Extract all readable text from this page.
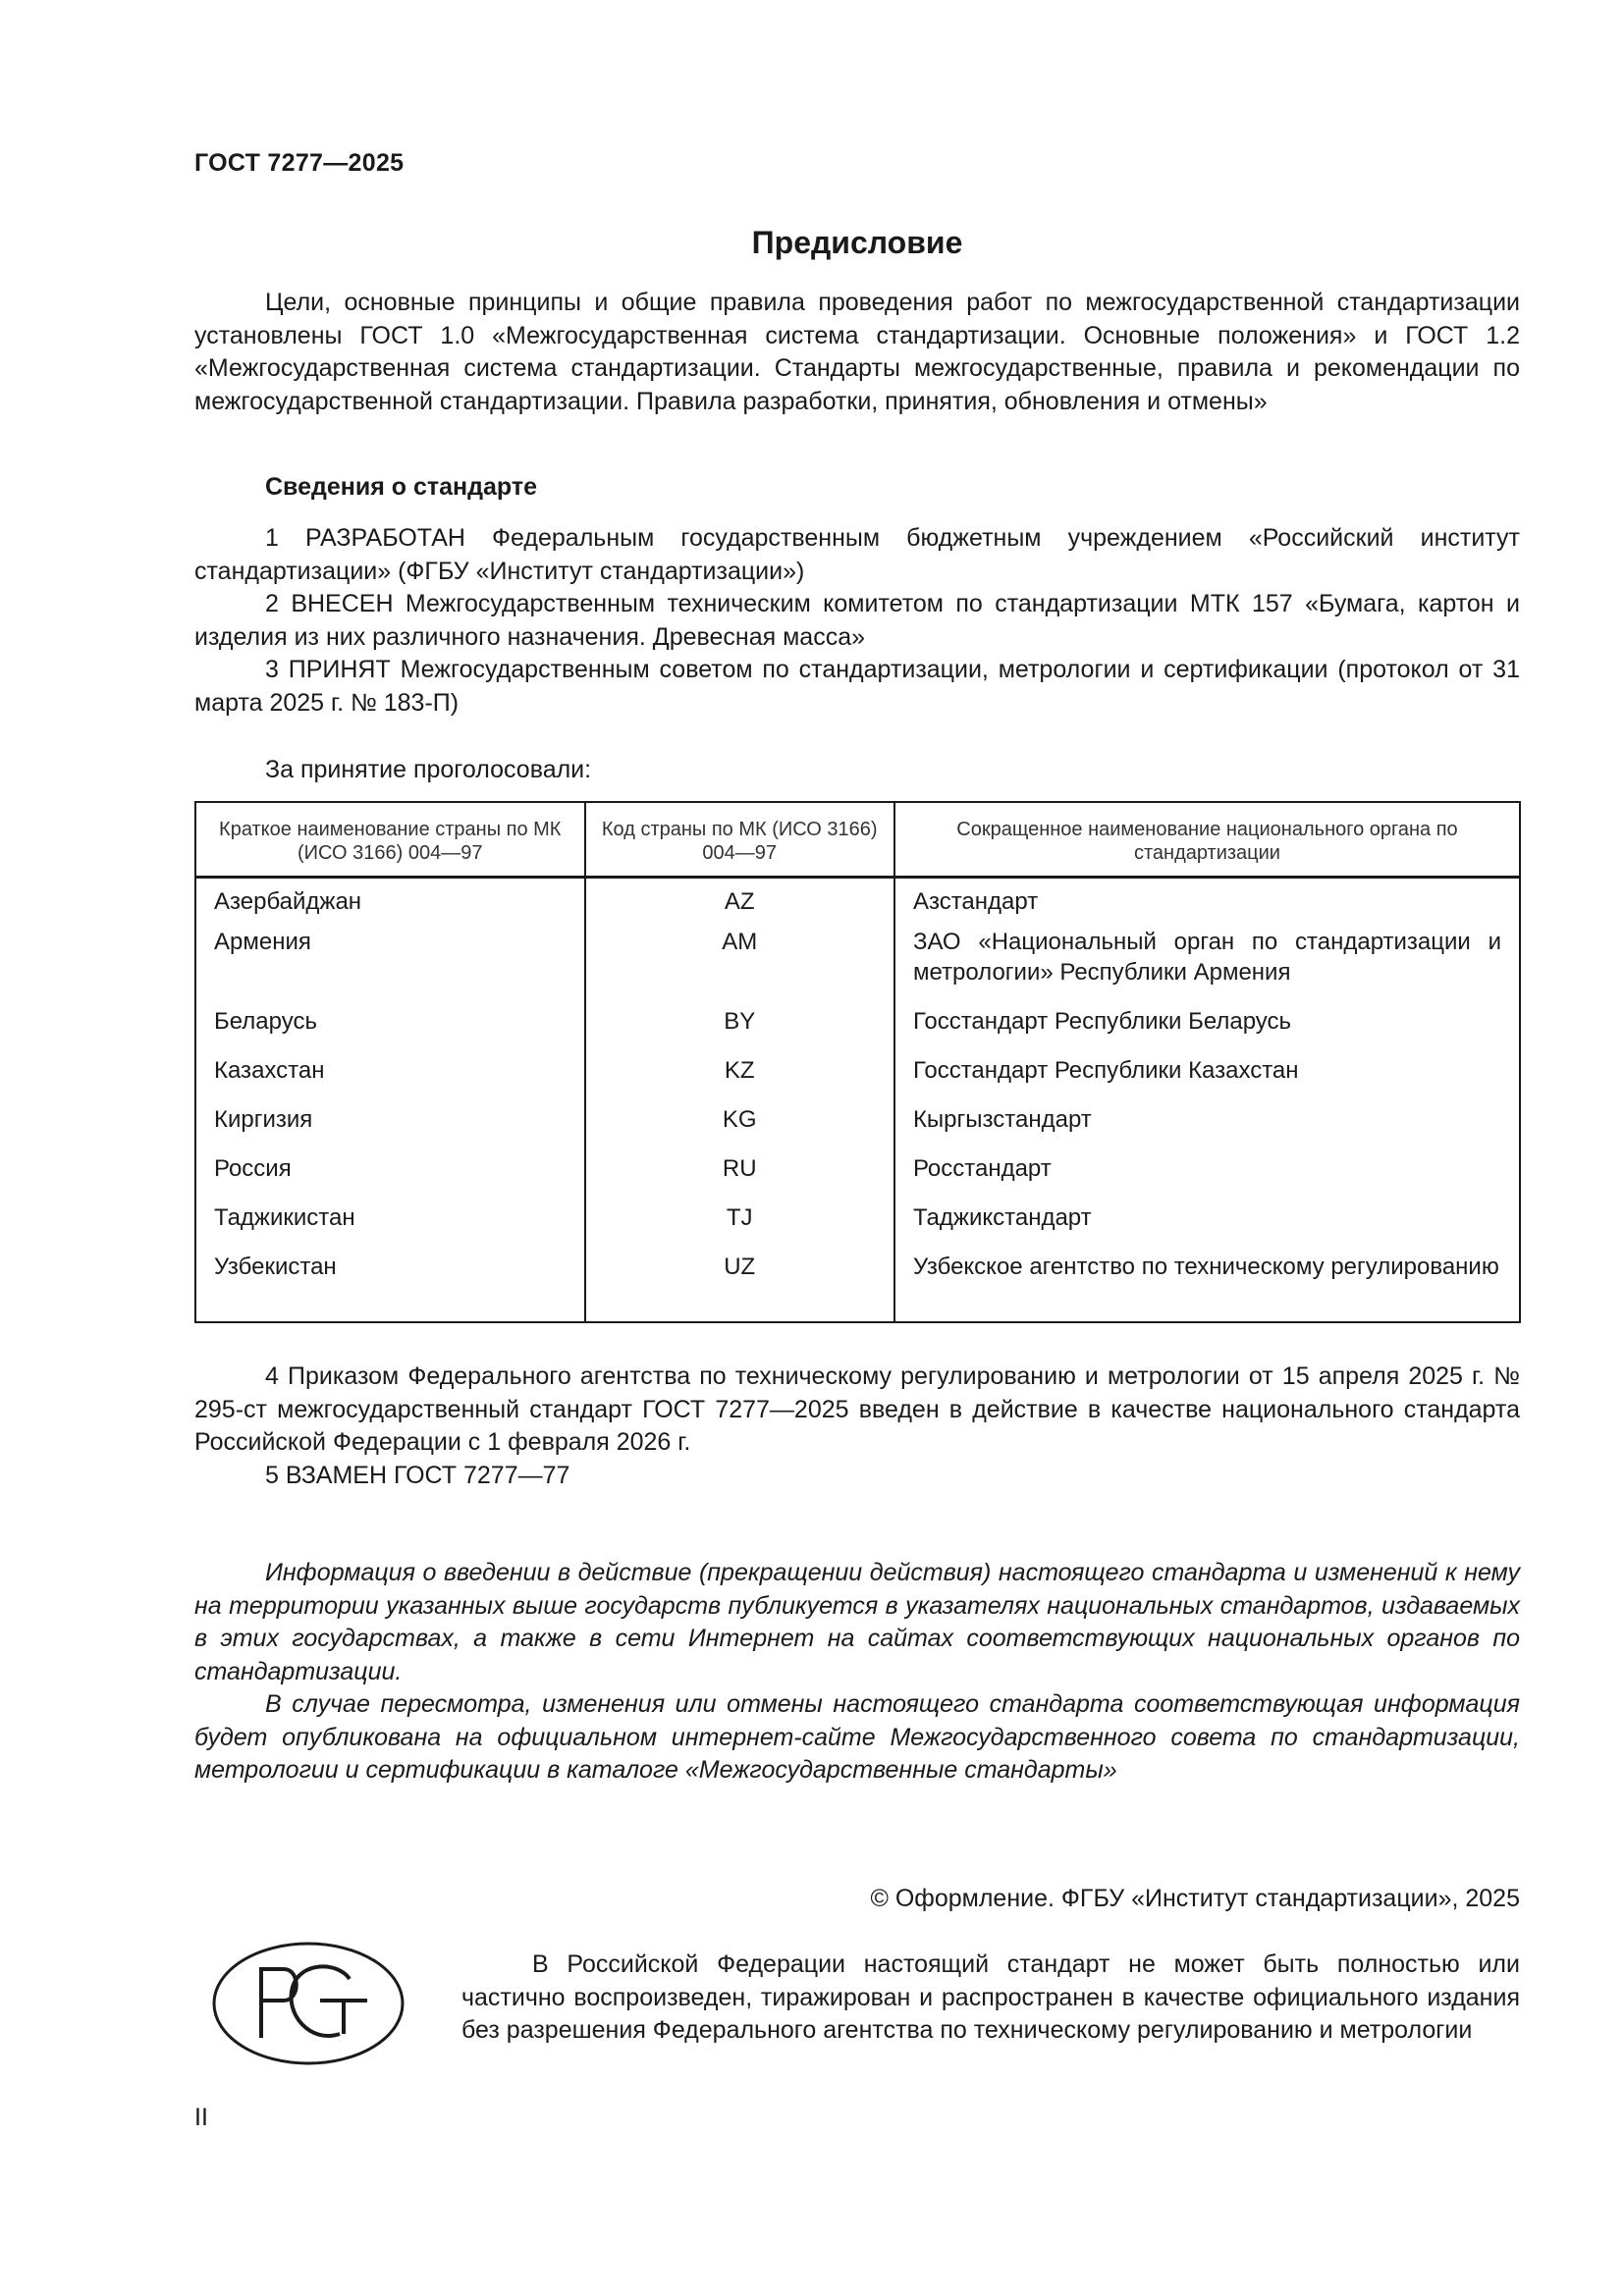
ГОСТ 7277—2025
Предисловие
Цели, основные принципы и общие правила проведения работ по межгосударственной стандартизации установлены ГОСТ 1.0 «Межгосударственная система стандартизации. Основные положения» и ГОСТ 1.2 «Межгосударственная система стандартизации. Стандарты межгосударственные, правила и рекомендации по межгосударственной стандартизации. Правила разработки, принятия, обновления и отмены»
Сведения о стандарте
1 РАЗРАБОТАН Федеральным государственным бюджетным учреждением «Российский институт стандартизации» (ФГБУ «Институт стандартизации»)
2 ВНЕСЕН Межгосударственным техническим комитетом по стандартизации МТК 157 «Бумага, картон и изделия из них различного назначения. Древесная масса»
3 ПРИНЯТ Межгосударственным советом по стандартизации, метрологии и сертификации (протокол от 31 марта 2025 г. № 183-П)
За принятие проголосовали:
Краткое наименование страны по МК (ИСО 3166) 004—97	Код страны по МК (ИСО 3166) 004—97	Сокращенное наименование национального органа по стандартизации
Азербайджан	AZ	Азстандарт
Армения	AM	ЗАО «Национальный орган по стандартизации и метрологии» Республики Армения
Беларусь	BY	Госстандарт Республики Беларусь
Казахстан	KZ	Госстандарт Республики Казахстан
Киргизия	KG	Кыргызстандарт
Россия	RU	Росстандарт
Таджикистан	TJ	Таджикстандарт
Узбекистан	UZ	Узбекское агентство по техническому регулированию
4 Приказом Федерального агентства по техническому регулированию и метрологии от 15 апреля 2025 г. № 295-ст межгосударственный стандарт ГОСТ 7277—2025 введен в действие в качестве национального стандарта Российской Федерации с 1 февраля 2026 г.
5 ВЗАМЕН ГОСТ 7277—77
Информация о введении в действие (прекращении действия) настоящего стандарта и изменений к нему на территории указанных выше государств публикуется в указателях национальных стандартов, издаваемых в этих государствах, а также в сети Интернет на сайтах соответствующих национальных органов по стандартизации.
В случае пересмотра, изменения или отмены настоящего стандарта соответствующая информация будет опубликована на официальном интернет-сайте Межгосударственного совета по стандартизации, метрологии и сертификации в каталоге «Межгосударственные стандарты»
© Оформление. ФГБУ «Институт стандартизации», 2025
В Российской Федерации настоящий стандарт не может быть полностью или частично воспроизведен, тиражирован и распространен в качестве официального издания без разрешения Федерального агентства по техническому регулированию и метрологии
II
